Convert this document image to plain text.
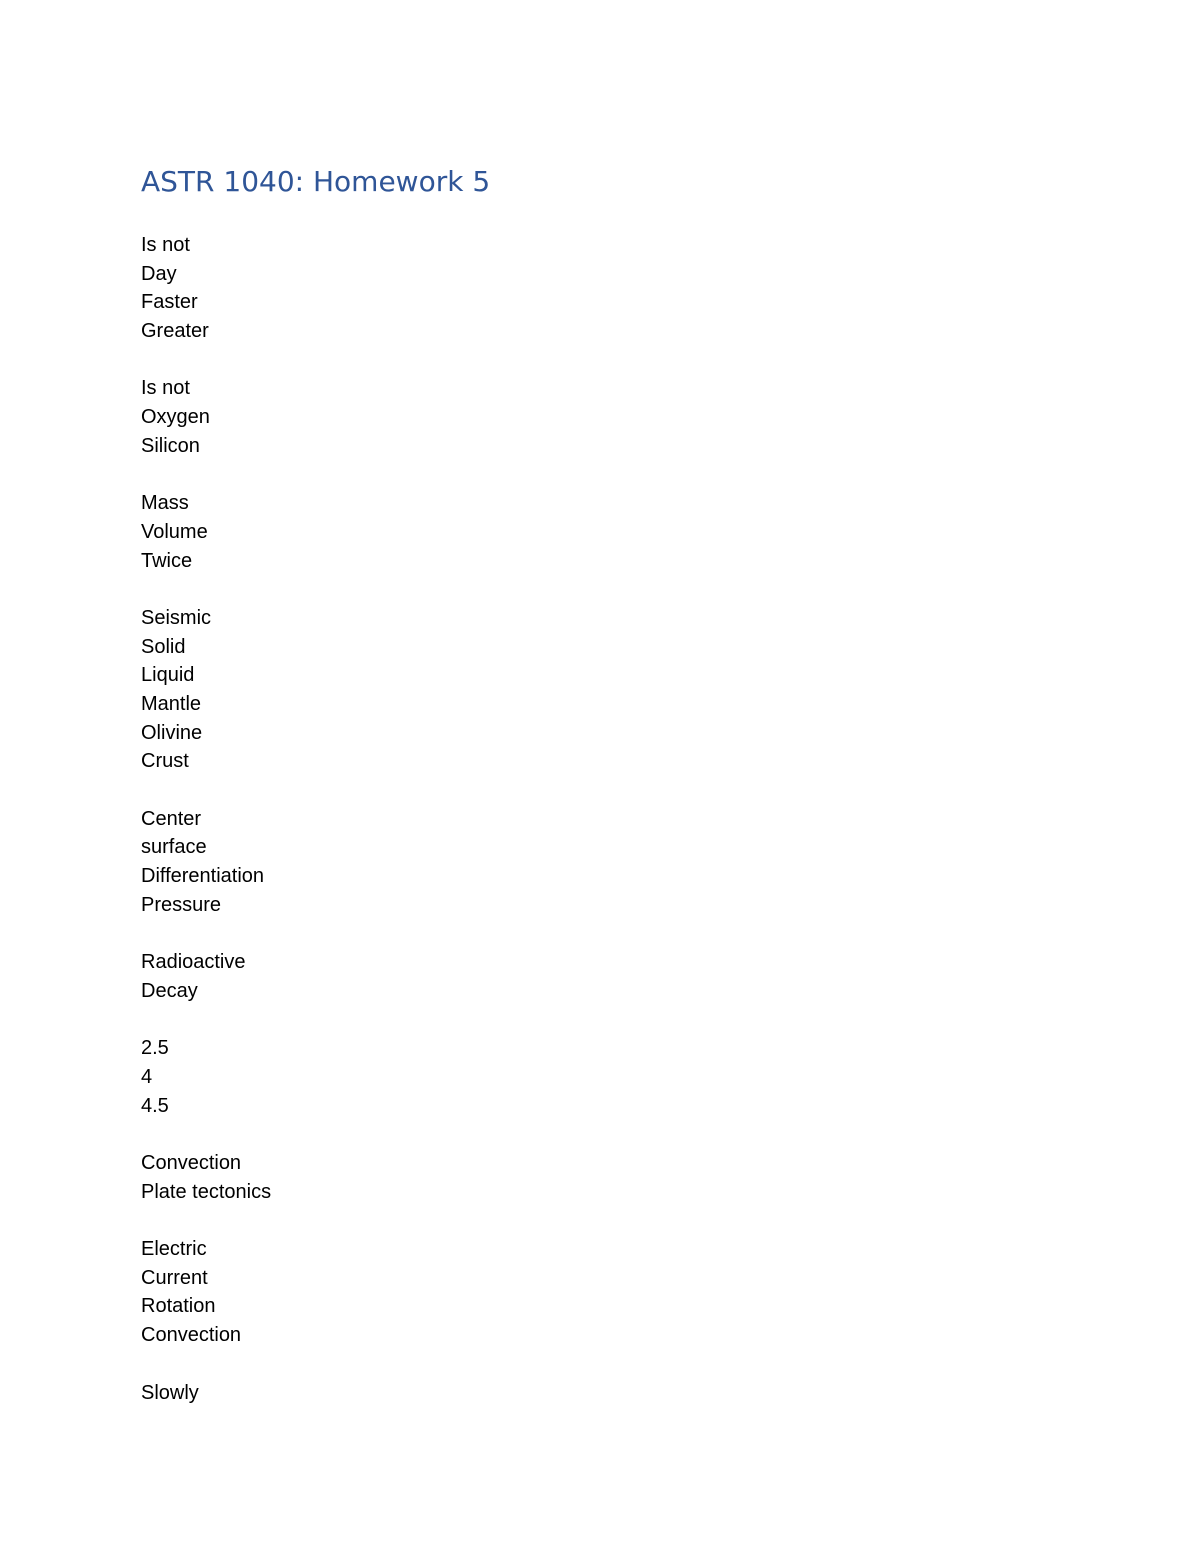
ASTR 1040: Homework 5
Is not
Day
Faster
Greater
Is not
Oxygen
Silicon
Mass
Volume
Twice
Seismic
Solid
Liquid
Mantle
Olivine
Crust
Center
surface
Differentiation
Pressure
Radioactive
Decay
2.5
4
4.5
Convection
Plate tectonics
Electric
Current
Rotation
Convection
Slowly
